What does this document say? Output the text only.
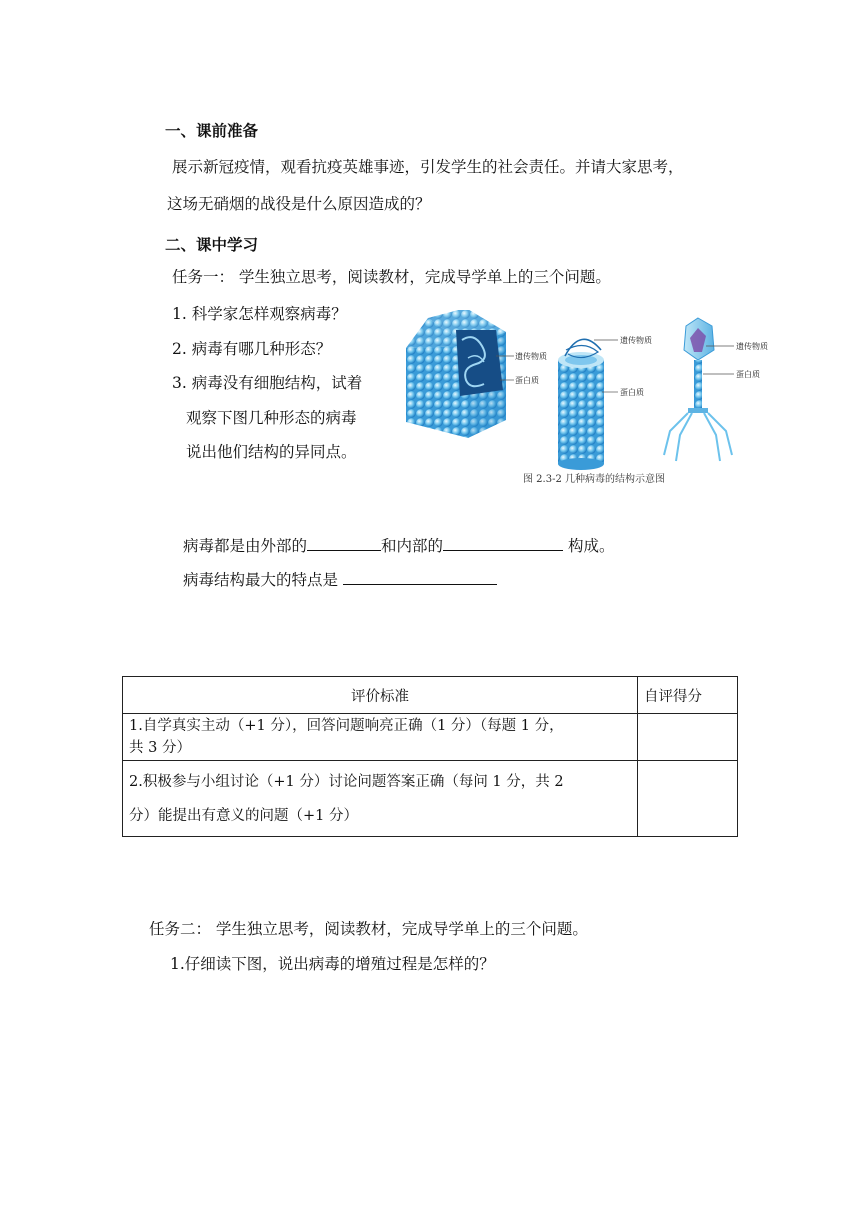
一、课前准备
展示新冠疫情，观看抗疫英雄事迹，引发学生的社会责任。并请大家思考，
这场无硝烟的战役是什么原因造成的？
二、课中学习
任务一： 学生独立思考，阅读教材，完成导学单上的三个问题。
1. 科学家怎样观察病毒？
2. 病毒有哪几种形态？
3. 病毒没有细胞结构，试着
观察下图几种形态的病毒
说出他们结构的异同点。
遗传物质
蛋白质
遗传物质
蛋白质
遗传物质
蛋白质
图 2.3-2 几种病毒的结构示意图
病毒都是由外部的	和内部的	构成。
病毒结构最大的特点是
评价标准	自评得分

1.自学真实主动（+1 分），回答问题响亮正确（1 分）（每题 1 分，
共 3 分）	

2.积极参与小组讨论（+1 分）讨论问题答案正确（每问 1 分，共 2
分）能提出有意义的问题（+1 分）	

任务二： 学生独立思考，阅读教材，完成导学单上的三个问题。
1.仔细读下图，说出病毒的增殖过程是怎样的？
